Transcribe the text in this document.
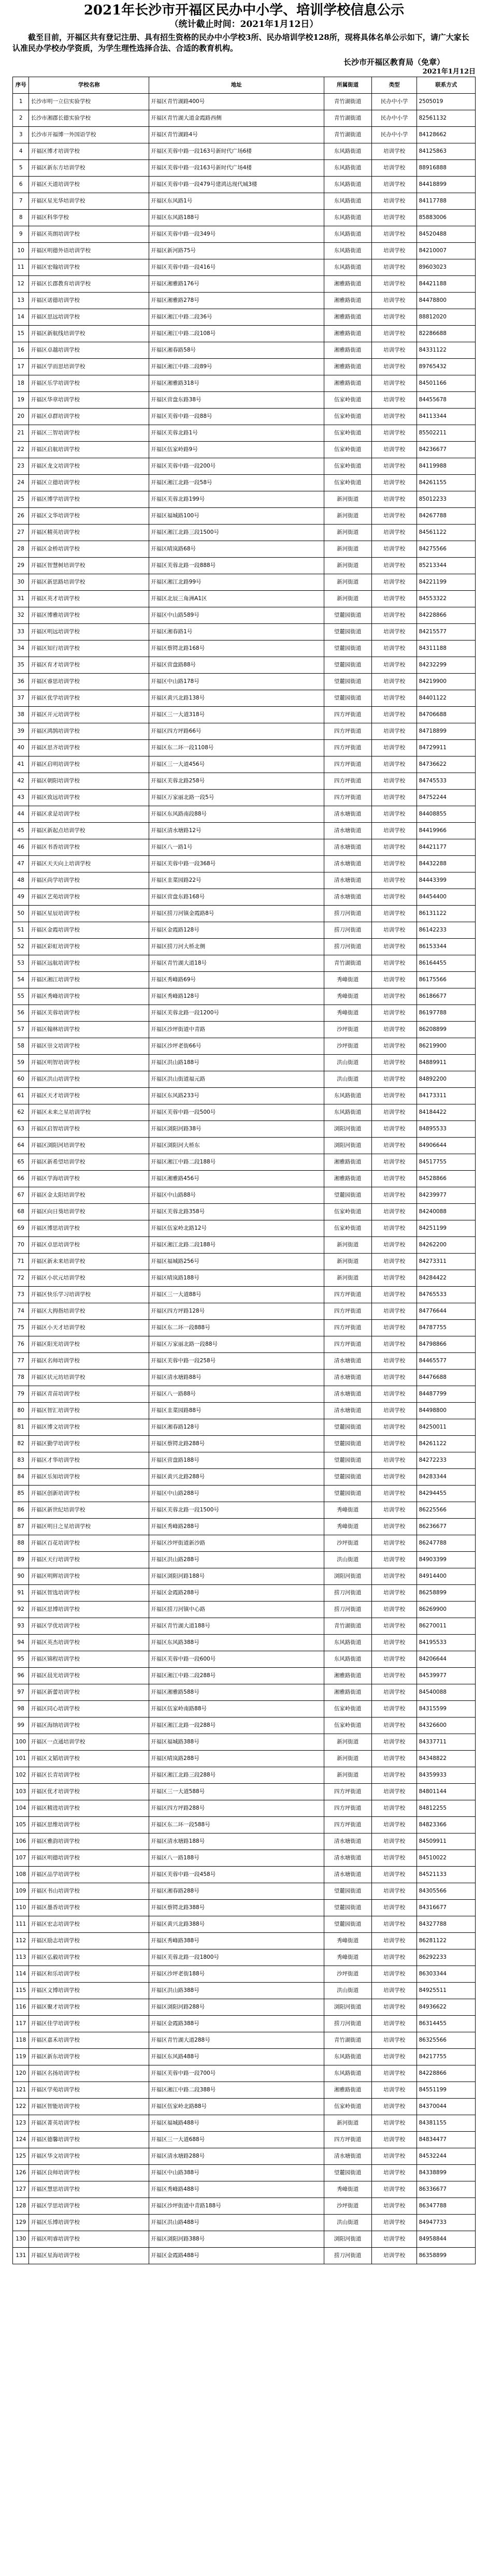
2021年长沙市开福区民办中小学、培训学校信息公示
（统计截止时间：2021年1月12日）

截至目前，开福区共有登记注册、具有招生资格的民办中小学校3所、民办培训学校128所，现将具体名单公示如下，请广大家长认准民办学校办学资质，为学生理性选择合法、合适的教育机构。

长沙市开福区教育局（免章）
2021年1月12日
序号	学校名称	地址	所属街道	类型	联系方式
1	长沙市明一立信实验学校	开福区青竹湖路400号	青竹湖街道	民办中小学	2505019
2	长沙市湘郡长德实验学校	开福区青竹湖大道金霞路西侧	青竹湖街道	民办中小学	82561132
3	长沙市开福博一外国语学校	开福区青竹湖路4号	青竹湖街道	民办中小学	84128662
4	开福区博才培训学校	开福区芙蓉中路一段163号新时代广场6楼	东风路街道	培训学校	84125863
5	开福区新东方培训学校	开福区芙蓉中路一段163号新时代广场4楼	东风路街道	培训学校	88916888
6	开福区天道培训学校	开福区芙蓉中路一段479号建鸿达现代城3楼	东风路街道	培训学校	84418899
7	开福区星光华培训学校	开福区东风路1号	东风路街道	培训学校	84117788
8	开福区科华学校	开福区东风路188号	东风路街道	培训学校	85883006
9	开福区英朗培训学校	开福区芙蓉中路一段349号	东风路街道	培训学校	84520488
10	开福区明德外语培训学校	开福区新河路75号	东风路街道	培训学校	84210007
11	开福区宏翰培训学校	开福区芙蓉中路一段416号	东风路街道	培训学校	89603023
12	开福区长郡教育培训学校	开福区湘雅路176号	湘雅路街道	培训学校	84421188
13	开福区诺德培训学校	开福区湘雅路278号	湘雅路街道	培训学校	84478800
14	开福区思远培训学校	开福区湘江中路二段36号	湘雅路街道	培训学校	88812020
15	开福区新航线培训学校	开福区湘江中路二段108号	湘雅路街道	培训学校	82286688
16	开福区卓越培训学校	开福区湘春路58号	湘雅路街道	培训学校	84331122
17	开福区学而思培训学校	开福区湘江中路二段89号	湘雅路街道	培训学校	89765432
18	开福区乐学培训学校	开福区湘雅路318号	湘雅路街道	培训学校	84501166
19	开福区华章培训学校	开福区营盘东路38号	伍家岭街道	培训学校	84455678
20	开福区卓群培训学校	开福区芙蓉中路一段88号	伍家岭街道	培训学校	84113344
21	开福区三智培训学校	开福区芙蓉北路1号	伍家岭街道	培训学校	85502211
22	开福区启航培训学校	开福区伍家岭路9号	伍家岭街道	培训学校	84236677
23	开福区龙文培训学校	开福区芙蓉中路一段200号	伍家岭街道	培训学校	84119988
24	开福区立德培训学校	开福区湘江北路一段58号	伍家岭街道	培训学校	84261155
25	开福区博学培训学校	开福区芙蓉北路199号	新河街道	培训学校	85012233
26	开福区文华培训学校	开福区福城路100号	新河街道	培训学校	84267788
27	开福区精英培训学校	开福区湘江北路三段1500号	新河街道	培训学校	84561122
28	开福区金桥培训学校	开福区晴岚路68号	新河街道	培训学校	84275566
29	开福区智慧树培训学校	开福区芙蓉北路一段888号	新河街道	培训学校	85213344
30	开福区新思路培训学校	开福区湘江北路99号	新河街道	培训学校	84221199
31	开福区英才培训学校	开福区北辰三角洲A1区	新河街道	培训学校	84553322
32	开福区博雅培训学校	开福区中山路589号	望麓园街道	培训学校	84228866
33	开福区明远培训学校	开福区湘春路1号	望麓园街道	培训学校	84215577
34	开福区知行培训学校	开福区蔡锷北路168号	望麓园街道	培训学校	84311188
35	开福区育才培训学校	开福区营盘路88号	望麓园街道	培训学校	84232299
36	开福区睿思培训学校	开福区中山路178号	望麓园街道	培训学校	84219900
37	开福区优学培训学校	开福区黄兴北路138号	望麓园街道	培训学校	84401122
38	开福区开元培训学校	开福区三一大道318号	四方坪街道	培训学校	84706688
39	开福区鸿鹄培训学校	开福区四方坪路66号	四方坪街道	培训学校	84718899
40	开福区思齐培训学校	开福区东二环一段1108号	四方坪街道	培训学校	84729911
41	开福区启明培训学校	开福区三一大道456号	四方坪街道	培训学校	84736622
42	开福区朝阳培训学校	开福区芙蓉北路258号	四方坪街道	培训学校	84745533
43	开福区致远培训学校	开福区万家丽北路一段5号	四方坪街道	培训学校	84752244
44	开福区求是培训学校	开福区东风路南段88号	清水塘街道	培训学校	84408855
45	开福区新起点培训学校	开福区清水塘路12号	清水塘街道	培训学校	84419966
46	开福区书香培训学校	开福区八一路1号	清水塘街道	培训学校	84421177
47	开福区天天向上培训学校	开福区芙蓉中路一段368号	清水塘街道	培训学校	84432288
48	开福区尚学培训学校	开福区韭菜园路22号	清水塘街道	培训学校	84443399
49	开福区艺苑培训学校	开福区营盘东路168号	清水塘街道	培训学校	84454400
50	开福区星辰培训学校	开福区捞刀河镇金霞路8号	捞刀河街道	培训学校	86131122
51	开福区金霞培训学校	开福区金霞路128号	捞刀河街道	培训学校	86142233
52	开福区彩虹培训学校	开福区捞刀河大桥北侧	捞刀河街道	培训学校	86153344
53	开福区远航培训学校	开福区青竹湖大道18号	青竹湖街道	培训学校	86164455
54	开福区湘江培训学校	开福区秀峰路69号	秀峰街道	培训学校	86175566
55	开福区秀峰培训学校	开福区秀峰路128号	秀峰街道	培训学校	86186677
56	开福区芙蓉培训学校	开福区芙蓉北路一段1200号	秀峰街道	培训学校	86197788
57	开福区翰林培训学校	开福区沙坪街道中青路	沙坪街道	培训学校	86208899
58	开福区崇文培训学校	开福区沙坪老街66号	沙坪街道	培训学校	86219900
59	开福区明智培训学校	开福区洪山路188号	洪山街道	培训学校	84889911
60	开福区洪山培训学校	开福区洪山街道福元路	洪山街道	培训学校	84892200
61	开福区天才培训学校	开福区东风路233号	东风路街道	培训学校	84173311
62	开福区未来之星培训学校	开福区芙蓉中路一段500号	东风路街道	培训学校	84184422
63	开福区启智培训学校	开福区浏阳河路38号	浏阳河街道	培训学校	84895533
64	开福区浏阳河培训学校	开福区浏阳河大桥东	浏阳河街道	培训学校	84906644
65	开福区新希望培训学校	开福区湘江中路二段188号	湘雅路街道	培训学校	84517755
66	开福区学海培训学校	开福区湘雅路456号	湘雅路街道	培训学校	84528866
67	开福区金太阳培训学校	开福区中山路88号	望麓园街道	培训学校	84239977
68	开福区向日葵培训学校	开福区芙蓉北路358号	伍家岭街道	培训学校	84240088
69	开福区博思培训学校	开福区伍家岭北路12号	伍家岭街道	培训学校	84251199
70	开福区卓思培训学校	开福区湘江北路二段188号	新河街道	培训学校	84262200
71	开福区新未来培训学校	开福区福城路256号	新河街道	培训学校	84273311
72	开福区小状元培训学校	开福区晴岚路188号	新河街道	培训学校	84284422
73	开福区快乐学习培训学校	开福区三一大道88号	四方坪街道	培训学校	84765533
74	开福区大拇指培训学校	开福区四方坪路128号	四方坪街道	培训学校	84776644
75	开福区小天才培训学校	开福区东二环一段888号	四方坪街道	培训学校	84787755
76	开福区阳光培训学校	开福区万家丽北路一段88号	四方坪街道	培训学校	84798866
77	开福区名师培训学校	开福区芙蓉中路一段258号	清水塘街道	培训学校	84465577
78	开福区状元坊培训学校	开福区清水塘路88号	清水塘街道	培训学校	84476688
79	开福区青苗培训学校	开福区八一路88号	清水塘街道	培训学校	84487799
80	开福区智汇培训学校	开福区韭菜园路88号	清水塘街道	培训学校	84498800
81	开福区博文培训学校	开福区湘春路128号	望麓园街道	培训学校	84250011
82	开福区勤学培训学校	开福区蔡锷北路288号	望麓园街道	培训学校	84261122
83	开福区才华培训学校	开福区营盘路188号	望麓园街道	培训学校	84272233
84	开福区乐知培训学校	开福区黄兴北路288号	望麓园街道	培训学校	84283344
85	开福区创新培训学校	开福区中山路288号	望麓园街道	培训学校	84294455
86	开福区新世纪培训学校	开福区芙蓉北路一段1500号	秀峰街道	培训学校	86225566
87	开福区明日之星培训学校	开福区秀峰路288号	秀峰街道	培训学校	86236677
88	开福区百花培训学校	开福区沙坪街道新沙路	沙坪街道	培训学校	86247788
89	开福区天行培训学校	开福区洪山路288号	洪山街道	培训学校	84903399
90	开福区明辉培训学校	开福区浏阳河路188号	浏阳河街道	培训学校	84914400
91	开福区智选培训学校	开福区金霞路288号	捞刀河街道	培训学校	86258899
92	开福区思博培训学校	开福区捞刀河镇中心路	捞刀河街道	培训学校	86269900
93	开福区学优培训学校	开福区青竹湖大道188号	青竹湖街道	培训学校	86270011
94	开福区英杰培训学校	开福区东风路388号	东风路街道	培训学校	84195533
95	开福区锦程培训学校	开福区芙蓉中路一段600号	东风路街道	培训学校	84206644
96	开福区晨光培训学校	开福区湘江中路二段288号	湘雅路街道	培训学校	84539977
97	开福区新蕾培训学校	开福区湘雅路588号	湘雅路街道	培训学校	84540088
98	开福区同心培训学校	开福区伍家岭南路88号	伍家岭街道	培训学校	84315599
99	开福区海纳培训学校	开福区湘江北路一段288号	伍家岭街道	培训学校	84326600
100	开福区一点通培训学校	开福区福城路388号	新河街道	培训学校	84337711
101	开福区文韬培训学校	开福区晴岚路288号	新河街道	培训学校	84348822
102	开福区长青培训学校	开福区湘江北路三段288号	新河街道	培训学校	84359933
103	开福区优才培训学校	开福区三一大道588号	四方坪街道	培训学校	84801144
104	开福区精进培训学校	开福区四方坪路288号	四方坪街道	培训学校	84812255
105	开福区思维培训学校	开福区东二环一段588号	四方坪街道	培训学校	84823366
106	开福区雅韵培训学校	开福区清水塘路188号	清水塘街道	培训学校	84509911
107	开福区明德培训学校	开福区八一路188号	清水塘街道	培训学校	84510022
108	开福区品学培训学校	开福区芙蓉中路一段458号	清水塘街道	培训学校	84521133
109	开福区书山培训学校	开福区湘春路288号	望麓园街道	培训学校	84305566
110	开福区墨香培训学校	开福区蔡锷北路388号	望麓园街道	培训学校	84316677
111	开福区宏志培训学校	开福区黄兴北路388号	望麓园街道	培训学校	84327788
112	开福区励志培训学校	开福区秀峰路388号	秀峰街道	培训学校	86281122
113	开福区弘毅培训学校	开福区芙蓉北路一段1800号	秀峰街道	培训学校	86292233
114	开福区和乐培训学校	开福区沙坪老街188号	沙坪街道	培训学校	86303344
115	开福区文博培训学校	开福区洪山路388号	洪山街道	培训学校	84925511
116	开福区聚才培训学校	开福区浏阳河路288号	浏阳河街道	培训学校	84936622
117	开福区佳学培训学校	开福区金霞路388号	捞刀河街道	培训学校	86314455
118	开福区嘉禾培训学校	开福区青竹湖大道288号	青竹湖街道	培训学校	86325566
119	开福区新东培训学校	开福区东风路488号	东风路街道	培训学校	84217755
120	开福区名扬培训学校	开福区芙蓉中路一段700号	东风路街道	培训学校	84228866
121	开福区学苑培训学校	开福区湘江中路二段388号	湘雅路街道	培训学校	84551199
122	开福区智能培训学校	开福区伍家岭北路88号	伍家岭街道	培训学校	84370044
123	开福区菁英培训学校	开福区福城路488号	新河街道	培训学校	84381155
124	开福区德馨培训学校	开福区三一大道688号	四方坪街道	培训学校	84834477
125	开福区华文培训学校	开福区清水塘路288号	清水塘街道	培训学校	84532244
126	开福区良师培训学校	开福区中山路388号	望麓园街道	培训学校	84338899
127	开福区慧思培训学校	开福区秀峰路488号	秀峰街道	培训学校	86336677
128	开福区学思培训学校	开福区沙坪街道中青路188号	沙坪街道	培训学校	86347788
129	开福区乐博培训学校	开福区洪山路488号	洪山街道	培训学校	84947733
130	开福区明睿培训学校	开福区浏阳河路388号	浏阳河街道	培训学校	84958844
131	开福区星海培训学校	开福区金霞路488号	捞刀河街道	培训学校	86358899
